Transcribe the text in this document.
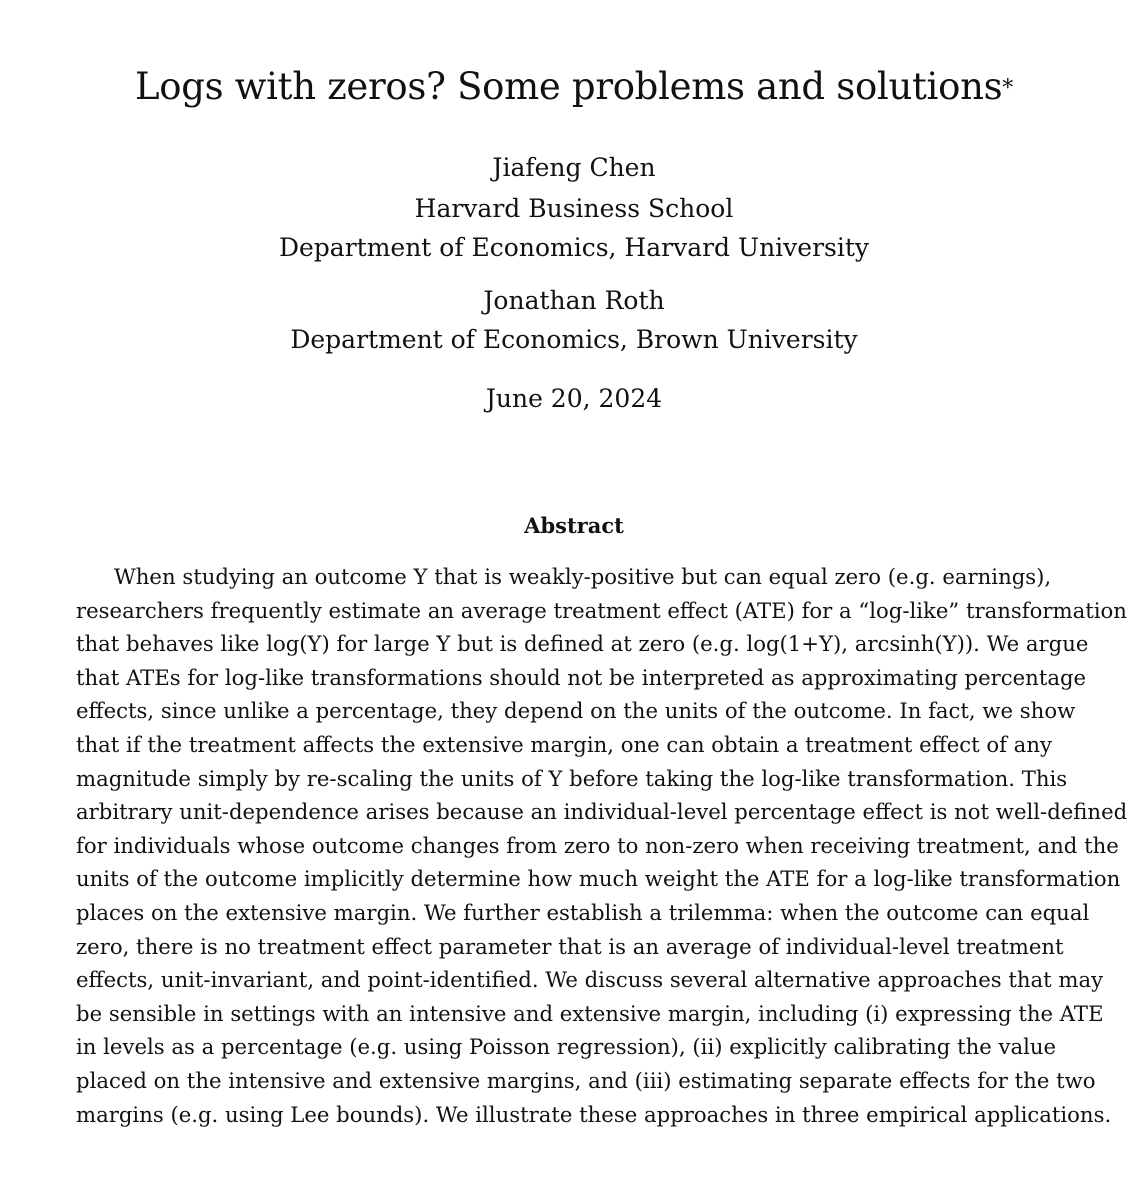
Logs with zeros? Some problems and solutions*
Jiafeng Chen
Harvard Business School
Department of Economics, Harvard University
Jonathan Roth
Department of Economics, Brown University
June 20, 2024
Abstract
When studying an outcome Y that is weakly-positive but can equal zero (e.g. earnings),
researchers frequently estimate an average treatment effect (ATE) for a “log-like” transformation
that behaves like log(Y) for large Y but is defined at zero (e.g. log(1+Y), arcsinh(Y)). We argue
that ATEs for log-like transformations should not be interpreted as approximating percentage
effects, since unlike a percentage, they depend on the units of the outcome. In fact, we show
that if the treatment affects the extensive margin, one can obtain a treatment effect of any
magnitude simply by re-scaling the units of Y before taking the log-like transformation. This
arbitrary unit-dependence arises because an individual-level percentage effect is not well-defined
for individuals whose outcome changes from zero to non-zero when receiving treatment, and the
units of the outcome implicitly determine how much weight the ATE for a log-like transformation
places on the extensive margin. We further establish a trilemma: when the outcome can equal
zero, there is no treatment effect parameter that is an average of individual-level treatment
effects, unit-invariant, and point-identified. We discuss several alternative approaches that may
be sensible in settings with an intensive and extensive margin, including (i) expressing the ATE
in levels as a percentage (e.g. using Poisson regression), (ii) explicitly calibrating the value
placed on the intensive and extensive margins, and (iii) estimating separate effects for the two
margins (e.g. using Lee bounds). We illustrate these approaches in three empirical applications.
